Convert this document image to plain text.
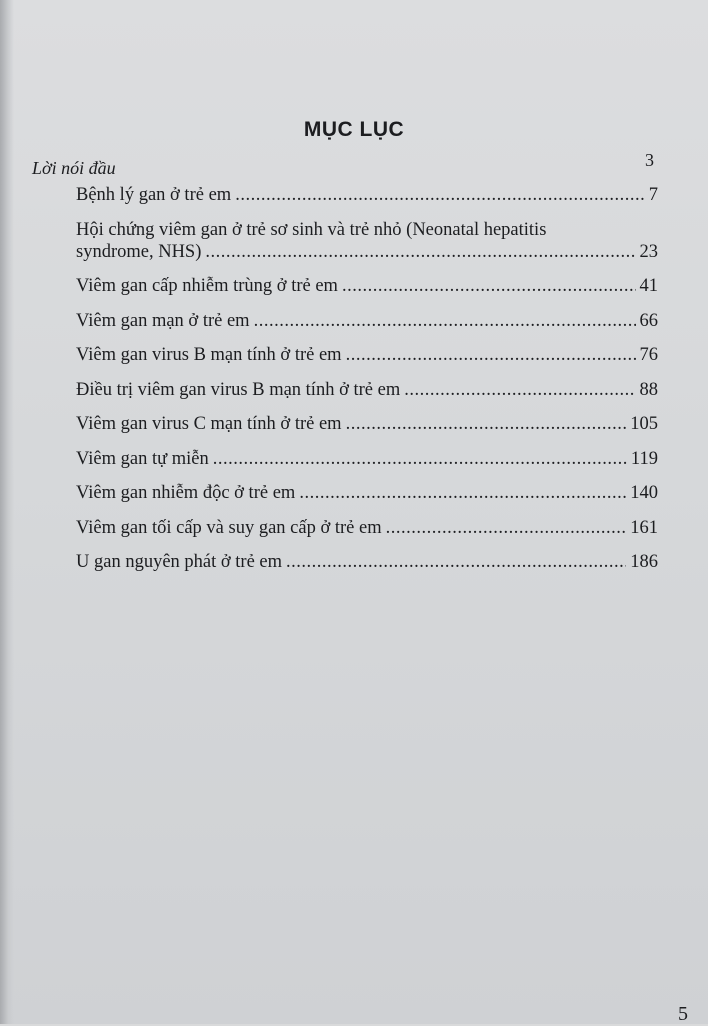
MỤC LỤC
Lời nói đầu	3
Bệnh lý gan ở trẻ em .....	7
Hội chứng viêm gan ở trẻ sơ sinh và trẻ nhỏ (Neonatal hepatitis
syndrome, NHS) .....	23
Viêm gan cấp nhiễm trùng ở trẻ em .....	41
Viêm gan mạn ở trẻ em .....	66
Viêm gan virus B mạn tính ở trẻ em .....	76
Điều trị viêm gan virus B mạn tính ở trẻ em .....	88
Viêm gan virus C mạn tính ở trẻ em .....	105
Viêm gan tự miễn .....	119
Viêm gan nhiễm độc ở trẻ em .....	140
Viêm gan tối cấp và suy gan cấp ở trẻ em .....	161
U gan nguyên phát ở trẻ em .....	186
5
